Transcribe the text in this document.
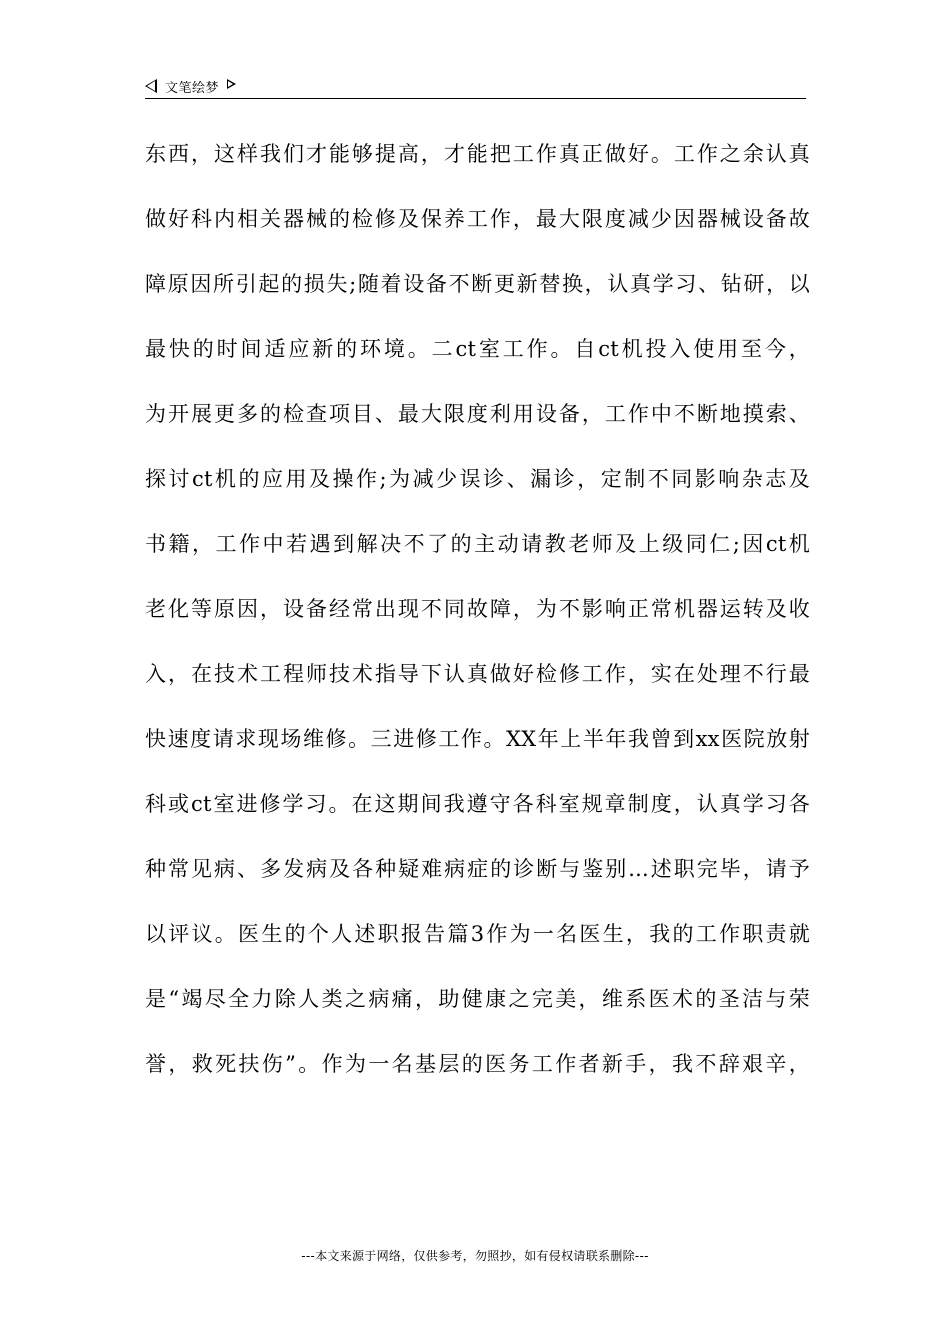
文笔绘梦
东西，这样我们才能够提高，才能把工作真正做好。工作之余认真
做好科内相关器械的检修及保养工作，最大限度减少因器械设备故
障原因所引起的损失;随着设备不断更新替换，认真学习、钻研，以
最快的时间适应新的环境。二ct室工作。自ct机投入使用至今，
为开展更多的检查项目、最大限度利用设备，工作中不断地摸索、
探讨ct机的应用及操作;为减少误诊、漏诊，定制不同影响杂志及
书籍，工作中若遇到解决不了的主动请教老师及上级同仁;因ct机
老化等原因，设备经常出现不同故障，为不影响正常机器运转及收
入，在技术工程师技术指导下认真做好检修工作，实在处理不行最
快速度请求现场维修。三进修工作。XX年上半年我曾到xx医院放射
科或ct室进修学习。在这期间我遵守各科室规章制度，认真学习各
种常见病、多发病及各种疑难病症的诊断与鉴别...述职完毕，请予
以评议。医生的个人述职报告篇3作为一名医生，我的工作职责就
是“竭尽全力除人类之病痛，助健康之完美，维系医术的圣洁与荣
誉，救死扶伤”。作为一名基层的医务工作者新手，我不辞艰辛，
---本文来源于网络，仅供参考，勿照抄，如有侵权请联系删除---
